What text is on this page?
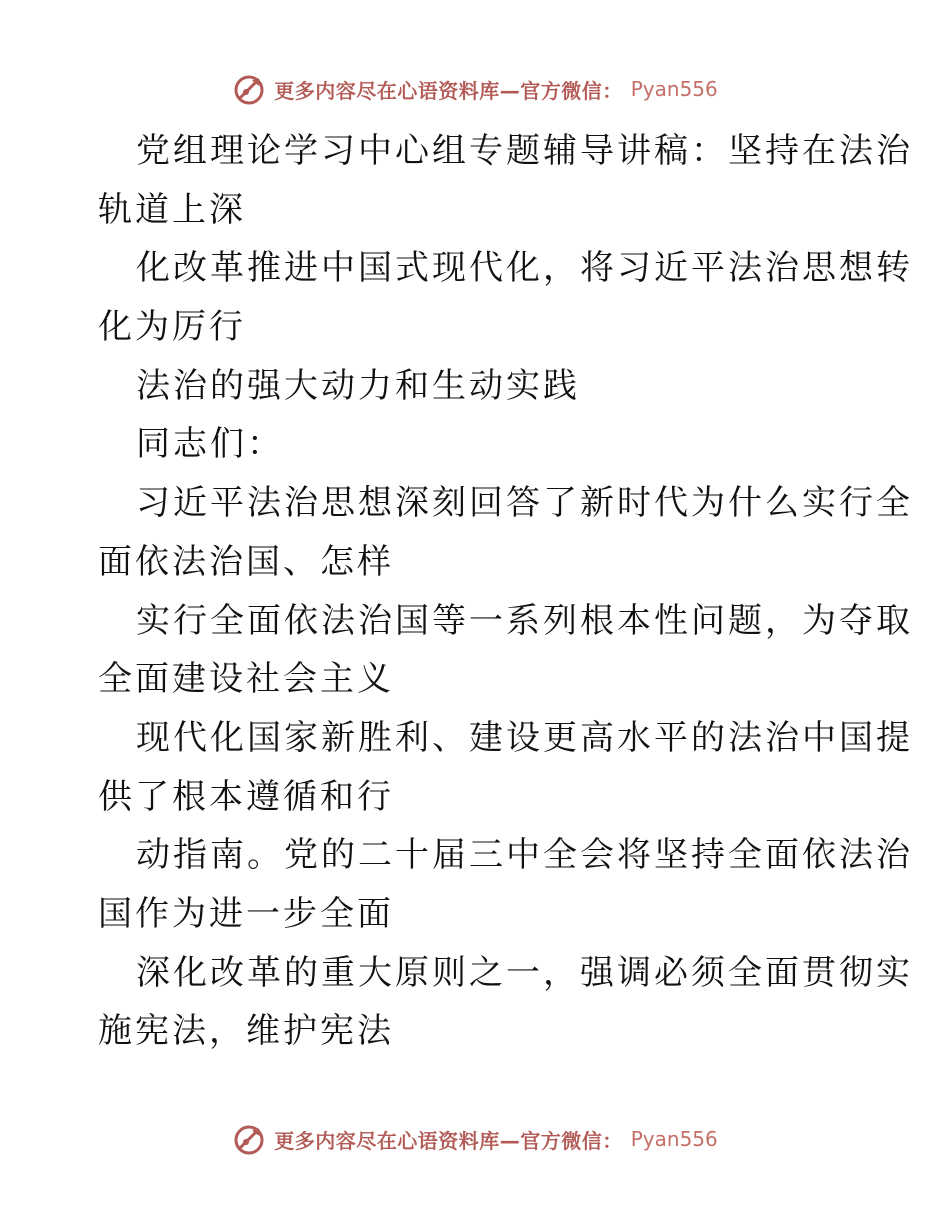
更多内容尽在心语资料库—官方微信： Pyan556
党组理论学习中心组专题辅导讲稿：坚持在法治
轨道上深
化改革推进中国式现代化，将习近平法治思想转
化为厉行
法治的强大动力和生动实践
同志们：
习近平法治思想深刻回答了新时代为什么实行全
面依法治国、怎样
实行全面依法治国等一系列根本性问题，为夺取
全面建设社会主义
现代化国家新胜利、建设更高水平的法治中国提
供了根本遵循和行
动指南。党的二十届三中全会将坚持全面依法治
国作为进一步全面
深化改革的重大原则之一，强调必须全面贯彻实
施宪法，维护宪法
更多内容尽在心语资料库—官方微信： Pyan556
